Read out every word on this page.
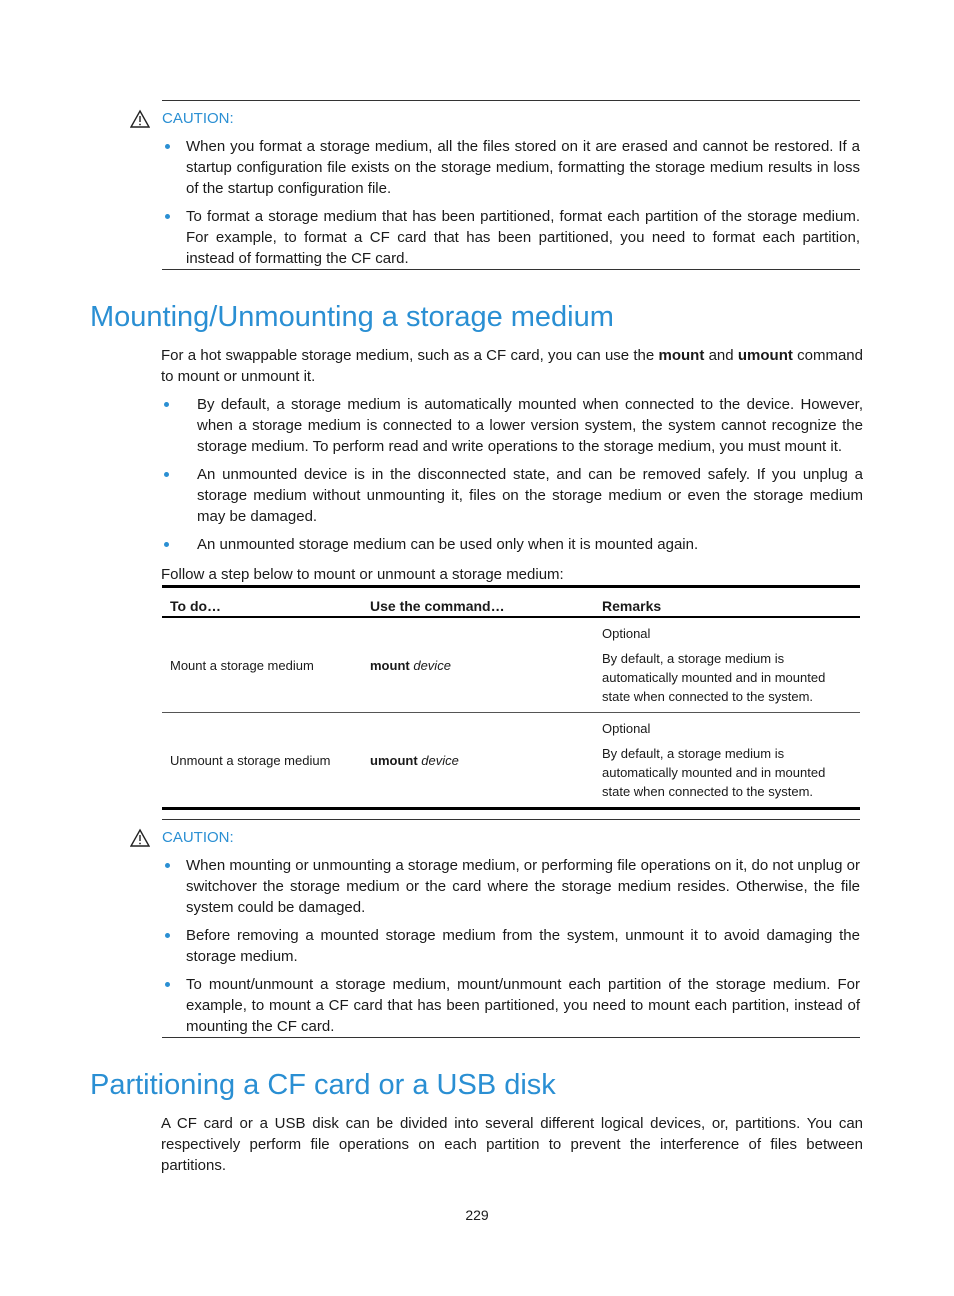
CAUTION:
When you format a storage medium, all the files stored on it are erased and cannot be restored. If a startup configuration file exists on the storage medium, formatting the storage medium results in loss of the startup configuration file.
To format a storage medium that has been partitioned, format each partition of the storage medium. For example, to format a CF card that has been partitioned, you need to format each partition, instead of formatting the CF card.
Mounting/Unmounting a storage medium

For a hot swappable storage medium, such as a CF card, you can use the mount and umount command to mount or unmount it.

By default, a storage medium is automatically mounted when connected to the device. However, when a storage medium is connected to a lower version system, the system cannot recognize the storage medium. To perform read and write operations to the storage medium, you must mount it.
An unmounted device is in the disconnected state, and can be removed safely. If you unplug a storage medium without unmounting it, files on the storage medium or even the storage medium may be damaged.
An unmounted storage medium can be used only when it is mounted again.

Follow a step below to mount or unmount a storage medium:

To do…	Use the command…	Remarks
Mount a storage medium	mount device	Optional
By default, a storage medium is automatically mounted and in mounted state when connected to the system.

Unmount a storage medium	umount device	Optional
By default, a storage medium is automatically mounted and in mounted state when connected to the system.
CAUTION:
When mounting or unmounting a storage medium, or performing file operations on it, do not unplug or switchover the storage medium or the card where the storage medium resides. Otherwise, the file system could be damaged.
Before removing a mounted storage medium from the system, unmount it to avoid damaging the storage medium.
To mount/unmount a storage medium, mount/unmount each partition of the storage medium. For example, to mount a CF card that has been partitioned, you need to mount each partition, instead of mounting the CF card.
Partitioning a CF card or a USB disk

A CF card or a USB disk can be divided into several different logical devices, or, partitions. You can respectively perform file operations on each partition to prevent the interference of files between partitions.

229
